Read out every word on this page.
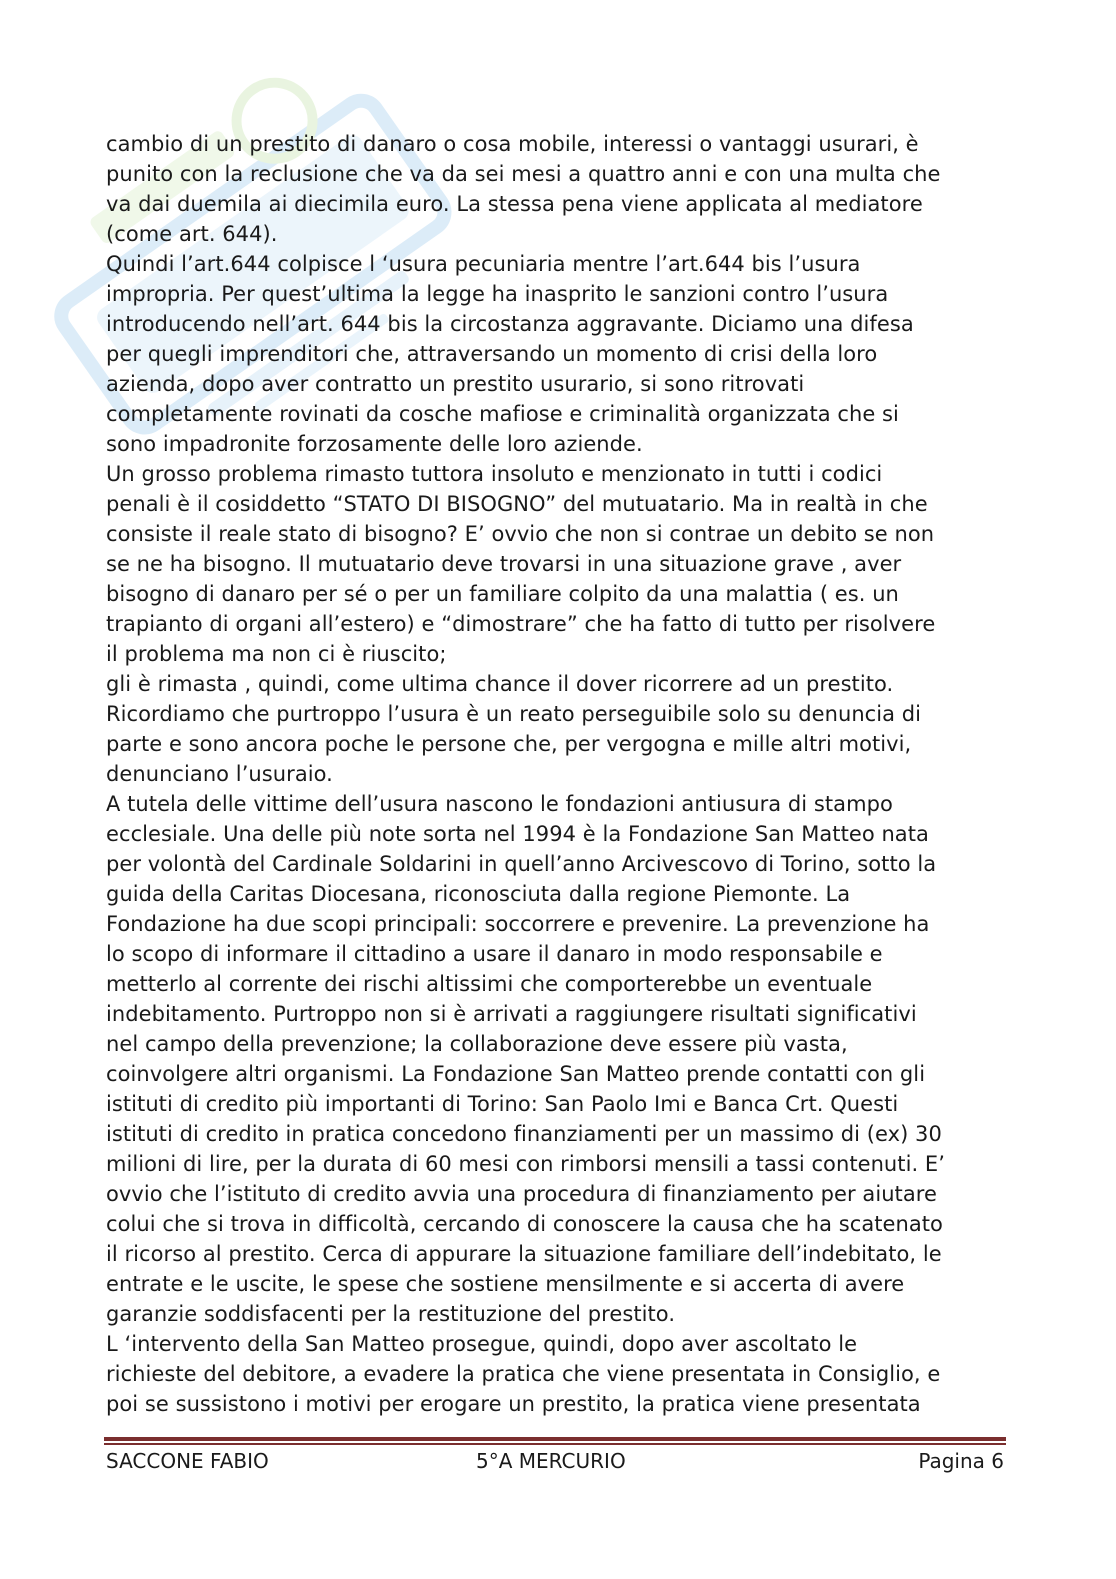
cambio di un prestito di danaro o cosa mobile, interessi o vantaggi usurari, è
punito con la reclusione che va da sei mesi a quattro anni e con una multa che
va dai duemila ai diecimila euro. La stessa pena viene applicata al mediatore
(come art. 644).
Quindi l’art.644 colpisce l ‘usura pecuniaria mentre l’art.644 bis l’usura
impropria. Per quest’ultima la legge ha inasprito le sanzioni contro l’usura
introducendo nell’art. 644 bis la circostanza aggravante. Diciamo una difesa
per quegli imprenditori che, attraversando un momento di crisi della loro
azienda, dopo aver contratto un prestito usurario, si sono ritrovati
completamente rovinati da cosche mafiose e criminalità organizzata che si
sono impadronite forzosamente delle loro aziende.
Un grosso problema rimasto tuttora insoluto e menzionato in tutti i codici
penali è il cosiddetto “STATO DI BISOGNO” del mutuatario. Ma in realtà in che
consiste il reale stato di bisogno? E’ ovvio che non si contrae un debito se non
se ne ha bisogno. Il mutuatario deve trovarsi in una situazione grave , aver
bisogno di danaro per sé o per un familiare colpito da una malattia ( es. un
trapianto di organi all’estero) e “dimostrare” che ha fatto di tutto per risolvere
il problema ma non ci è riuscito;
gli è rimasta , quindi, come ultima chance il dover ricorrere ad un prestito.
Ricordiamo che purtroppo l’usura è un reato perseguibile solo su denuncia di
parte e sono ancora poche le persone che, per vergogna e mille altri motivi,
denunciano l’usuraio.
A tutela delle vittime dell’usura nascono le fondazioni antiusura di stampo
ecclesiale. Una delle più note sorta nel 1994 è la Fondazione San Matteo nata
per volontà del Cardinale Soldarini in quell’anno Arcivescovo di Torino, sotto la
guida della Caritas Diocesana, riconosciuta dalla regione Piemonte. La
Fondazione ha due scopi principali: soccorrere e prevenire. La prevenzione ha
lo scopo di informare il cittadino a usare il danaro in modo responsabile e
metterlo al corrente dei rischi altissimi che comporterebbe un eventuale
indebitamento. Purtroppo non si è arrivati a raggiungere risultati significativi
nel campo della prevenzione; la collaborazione deve essere più vasta,
coinvolgere altri organismi. La Fondazione San Matteo prende contatti con gli
istituti di credito più importanti di Torino: San Paolo Imi e Banca Crt. Questi
istituti di credito in pratica concedono finanziamenti per un massimo di (ex) 30
milioni di lire, per la durata di 60 mesi con rimborsi mensili a tassi contenuti. E’
ovvio che l’istituto di credito avvia una procedura di finanziamento per aiutare
colui che si trova in difficoltà, cercando di conoscere la causa che ha scatenato
il ricorso al prestito. Cerca di appurare la situazione familiare dell’indebitato, le
entrate e le uscite, le spese che sostiene mensilmente e si accerta di avere
garanzie soddisfacenti per la restituzione del prestito.
L ‘intervento della San Matteo prosegue, quindi, dopo aver ascoltato le
richieste del debitore, a evadere la pratica che viene presentata in Consiglio, e
poi se sussistono i motivi per erogare un prestito, la pratica viene presentata
SACCONE FABIO	5°A MERCURIO	Pagina 6
